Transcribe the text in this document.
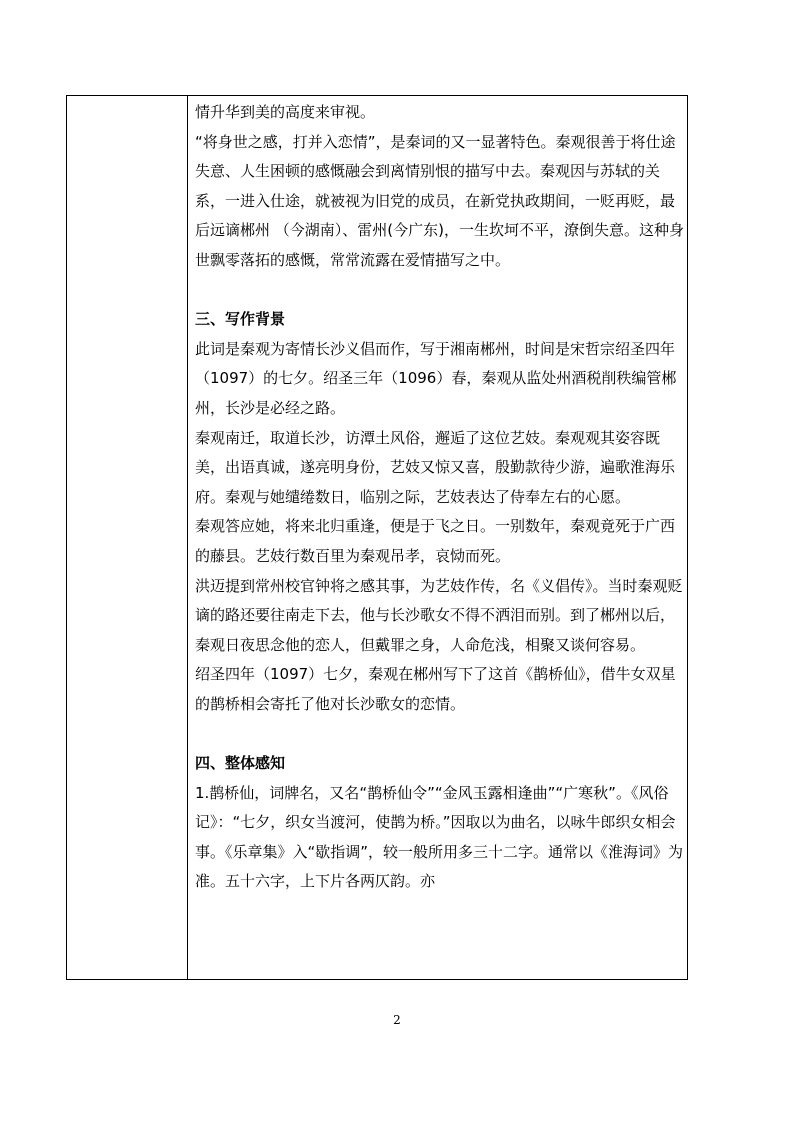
情升华到美的高度来审视。

“将身世之感，打并入恋情”，是秦词的又一显著特色。秦观很善于将仕途失意、人生困顿的感慨融会到离情别恨的描写中去。秦观因与苏轼的关系，一进入仕途，就被视为旧党的成员，在新党执政期间，一贬再贬，最后远谪郴州 （今湖南）、雷州(今广东)，一生坎坷不平，潦倒失意。这种身世飘零落拓的感慨，常常流露在爱情描写之中。

三、写作背景

此词是秦观为寄情长沙义倡而作，写于湘南郴州，时间是宋哲宗绍圣四年（1097）的七夕。绍圣三年（1096）春，秦观从监处州酒税削秩编管郴州，长沙是必经之路。

秦观南迁，取道长沙，访潭土风俗，邂逅了这位艺妓。秦观观其姿容既美，出语真诚，遂亮明身份，艺妓又惊又喜，殷勤款待少游，遍歌淮海乐府。秦观与她缱绻数日，临别之际，艺妓表达了侍奉左右的心愿。

秦观答应她，将来北归重逢，便是于飞之日。一别数年，秦观竟死于广西的藤县。艺妓行数百里为秦观吊孝，哀恸而死。

洪迈提到常州校官钟将之感其事，为艺妓作传，名《义倡传》。当时秦观贬谪的路还要往南走下去，他与长沙歌女不得不洒泪而别。到了郴州以后，秦观日夜思念他的恋人，但戴罪之身，人命危浅，相聚又谈何容易。

绍圣四年（1097）七夕，秦观在郴州写下了这首《鹊桥仙》，借牛女双星的鹊桥相会寄托了他对长沙歌女的恋情。

四、整体感知

1.鹊桥仙，词牌名，又名“鹊桥仙令”“金风玉露相逢曲”“广寒秋”。《风俗记》：“七夕，织女当渡河，使鹊为桥。”因取以为曲名，以咏牛郎织女相会事。《乐章集》入“歇指调”，较一般所用多三十二字。通常以《淮海词》为准。五十六字，上下片各两仄韵。亦

2
